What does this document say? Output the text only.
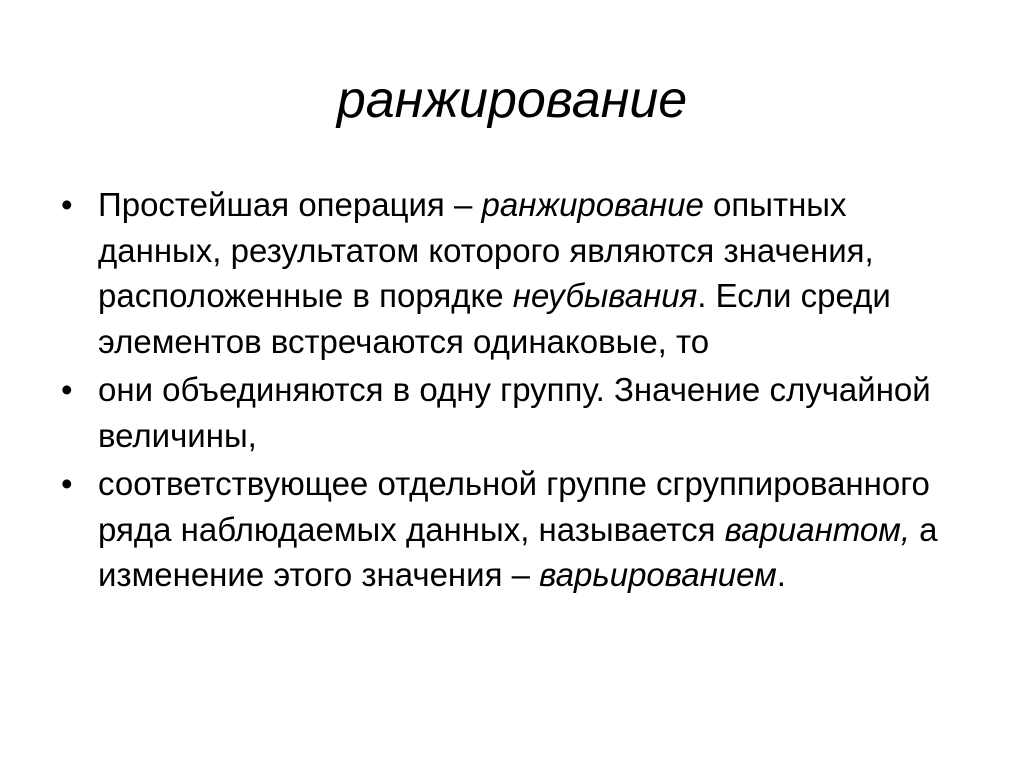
ранжирование
• Простейшая операция – ранжирование опытных данных, результатом которого являются значения, расположенные в порядке неубывания. Если среди элементов встречаются одинаковые, то
• они объединяются в одну группу. Значение случайной величины,
• соответствующее отдельной группе сгруппированного ряда наблюдаемых данных, называется вариантом, а изменение этого значения – варьированием.
